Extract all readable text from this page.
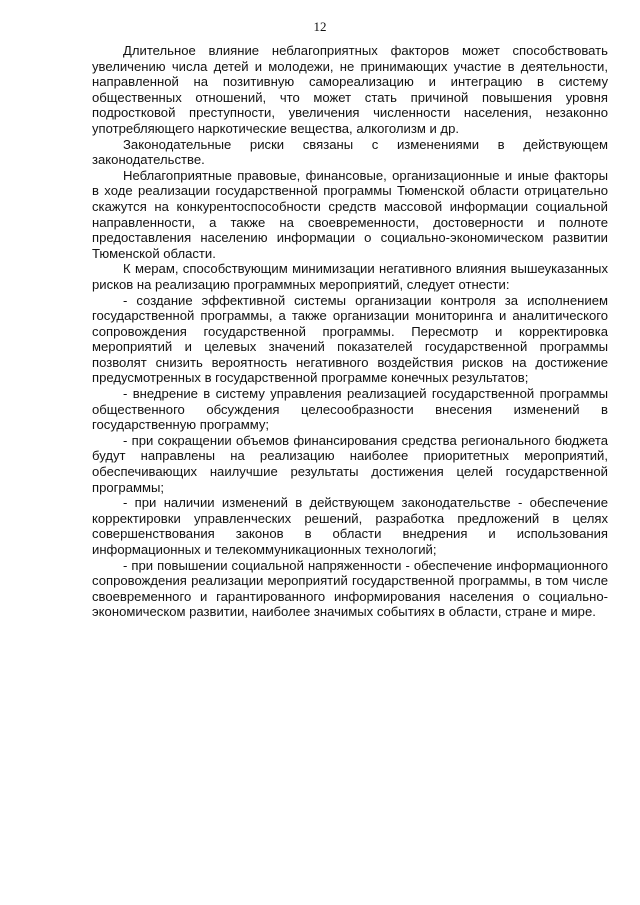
12

Длительное влияние неблагоприятных факторов может способствовать увеличению числа детей и молодежи, не принимающих участие в деятельности, направленной на позитивную самореализацию и интеграцию в систему общественных отношений, что может стать причиной повышения уровня подростковой преступности, увеличения численности населения, незаконно употребляющего наркотические вещества, алкоголизм и др.

Законодательные риски связаны с изменениями в действующем законодательстве.

Неблагоприятные правовые, финансовые, организационные и иные факторы в ходе реализации государственной программы Тюменской области отрицательно скажутся на конкурентоспособности средств массовой информации социальной направленности, а также на своевременности, достоверности и полноте предоставления населению информации о социально-экономическом развитии Тюменской области.

К мерам, способствующим минимизации негативного влияния вышеуказанных рисков на реализацию программных мероприятий, следует отнести:

- создание эффективной системы организации контроля за исполнением государственной программы, а также организации мониторинга и аналитического сопровождения государственной программы. Пересмотр и корректировка мероприятий и целевых значений показателей государственной программы позволят снизить вероятность негативного воздействия рисков на достижение предусмотренных в государственной программе конечных результатов;

- внедрение в систему управления реализацией государственной программы общественного обсуждения целесообразности внесения изменений в государственную программу;

- при сокращении объемов финансирования средства регионального бюджета будут направлены на реализацию наиболее приоритетных мероприятий, обеспечивающих наилучшие результаты достижения целей государственной программы;

- при наличии изменений в действующем законодательстве - обеспечение корректировки управленческих решений, разработка предложений в целях совершенствования законов в области внедрения и использования информационных и телекоммуникационных технологий;

- при повышении социальной напряженности - обеспечение информационного сопровождения реализации мероприятий государственной программы, в том числе своевременного и гарантированного информирования населения о социально-экономическом развитии, наиболее значимых событиях в области, стране и мире.
